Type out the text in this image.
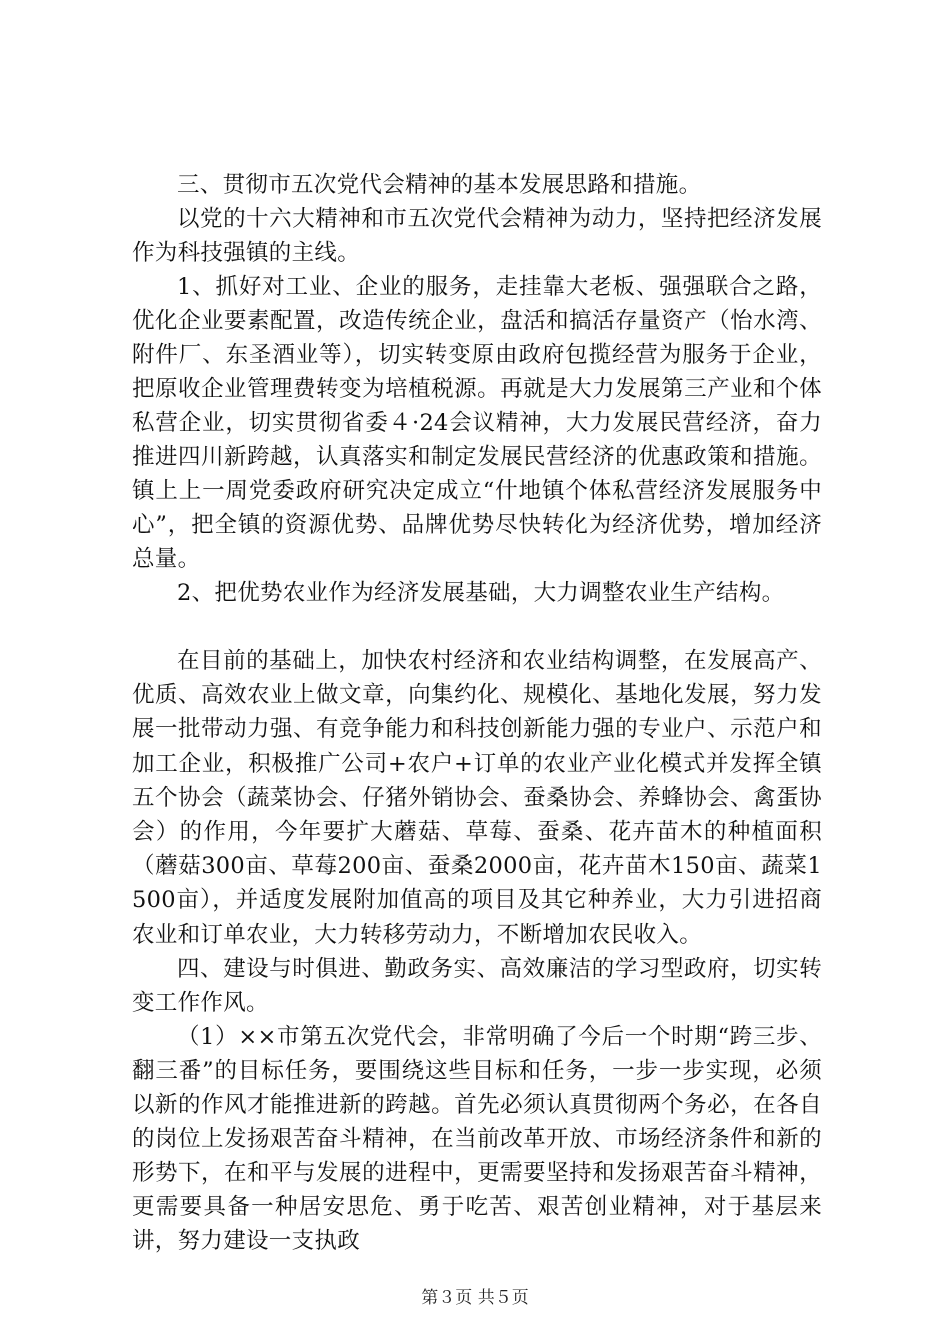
三、贯彻市五次党代会精神的基本发展思路和措施。

以党的十六大精神和市五次党代会精神为动力，坚持把经济发展作为科技强镇的主线。

1、抓好对工业、企业的服务，走挂靠大老板、强强联合之路，优化企业要素配置，改造传统企业，盘活和搞活存量资产（怡水湾、附件厂、东圣酒业等），切实转变原由政府包揽经营为服务于企业，把原收企业管理费转变为培植税源。再就是大力发展第三产业和个体私营企业，切实贯彻省委４·24会议精神，大力发展民营经济，奋力推进四川新跨越，认真落实和制定发展民营经济的优惠政策和措施。镇上上一周党委政府研究决定成立“什地镇个体私营经济发展服务中心”，把全镇的资源优势、品牌优势尽快转化为经济优势，增加经济总量。

2、把优势农业作为经济发展基础，大力调整农业生产结构。

在目前的基础上，加快农村经济和农业结构调整，在发展高产、优质、高效农业上做文章，向集约化、规模化、基地化发展，努力发展一批带动力强、有竞争能力和科技创新能力强的专业户、示范户和加工企业，积极推广公司+农户+订单的农业产业化模式并发挥全镇五个协会（蔬菜协会、仔猪外销协会、蚕桑协会、养蜂协会、禽蛋协会）的作用，今年要扩大蘑菇、草莓、蚕桑、花卉苗木的种植面积（蘑菇300亩、草莓200亩、蚕桑2000亩，花卉苗木150亩、蔬菜1500亩），并适度发展附加值高的项目及其它种养业，大力引进招商农业和订单农业，大力转移劳动力，不断增加农民收入。

四、建设与时俱进、勤政务实、高效廉洁的学习型政府，切实转变工作作风。

（1）××市第五次党代会，非常明确了今后一个时期“跨三步、翻三番”的目标任务，要围绕这些目标和任务，一步一步实现，必须以新的作风才能推进新的跨越。首先必须认真贯彻两个务必，在各自的岗位上发扬艰苦奋斗精神，在当前改革开放、市场经济条件和新的形势下，在和平与发展的进程中，更需要坚持和发扬艰苦奋斗精神，更需要具备一种居安思危、勇于吃苦、艰苦创业精神，对于基层来讲，努力建设一支执政

第３页 共５页
